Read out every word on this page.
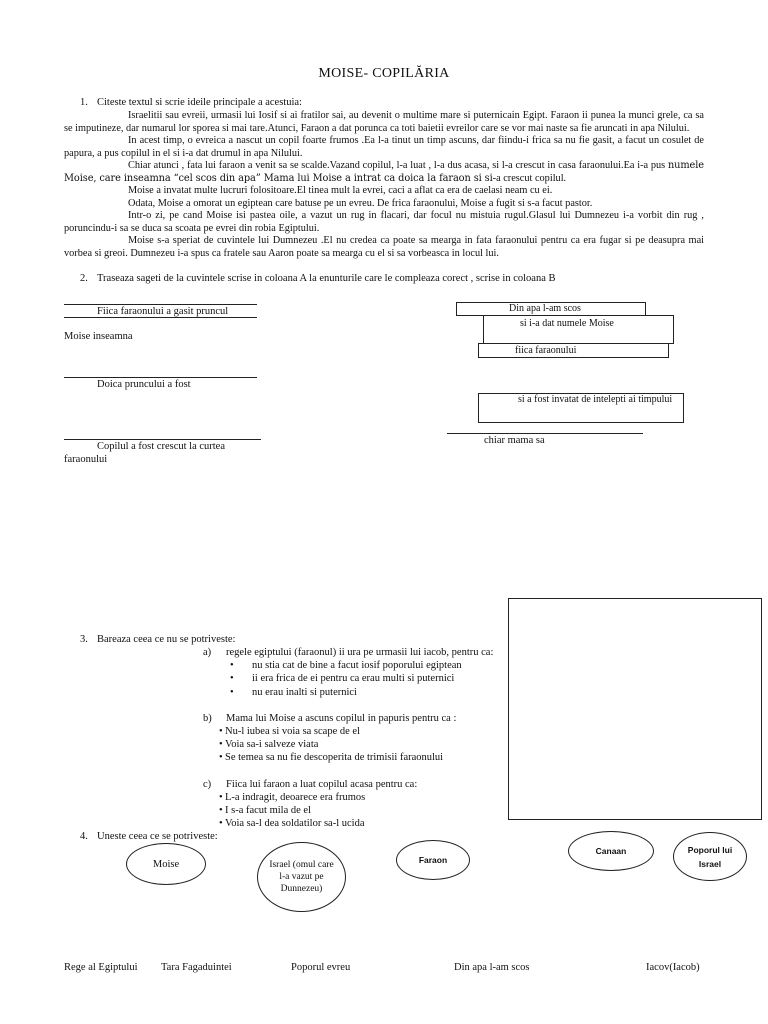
MOISE- COPILĂRIA
1. Citeste textul si scrie ideile principale a acestuia:
Israelitii sau evreii, urmasii lui Iosif si ai fratilor sai, au devenit o multime mare si puternicain Egipt. Faraon ii punea la munci grele, ca sa se imputineze, dar numarul lor sporea si mai tare.Atunci, Faraon a dat porunca ca toti baietii evreilor care se vor mai naste sa fie aruncati in apa Nilului.
In acest timp, o evreica a nascut un copil foarte frumos .Ea l-a tinut un timp ascuns, dar fiindu-i frica sa nu fie gasit, a facut un cosulet de papura, a pus copilul in el si i-a dat drumul in apa Nilului.
Chiar atunci , fata lui faraon a venit sa se scalde.Vazand copilul, l-a luat , l-a dus acasa, si l-a crescut in casa faraonului.Ea i-a pus numele Moise, care inseamna “cel scos din apa” Mama lui Moise a intrat ca doica la faraon si si-a crescut copilul.
Moise a invatat multe lucruri folositoare.El tinea mult la evrei, caci a aflat ca era de caelasi neam cu ei.
Odata, Moise a omorat un egiptean care batuse pe un evreu. De frica faraonului, Moise a fugit si s-a facut pastor.
Intr-o zi, pe cand Moise isi pastea oile, a vazut un rug in flacari, dar focul nu mistuia rugul.Glasul lui Dumnezeu i-a vorbit din rug , poruncindu-i sa se duca sa scoata pe evrei din robia Egiptului.
Moise s-a speriat de cuvintele lui Dumnezeu .El nu credea ca poate sa mearga in fata faraonului pentru ca era fugar si pe deasupra mai vorbea si greoi. Dumnezeu i-a spus ca fratele sau Aaron poate sa mearga cu el si sa vorbeasca in locul lui.
2. Traseaza sageti de la cuvintele scrise in coloana A la enunturile care le compleaza corect , scrise in coloana B
Fiica faraonului a gasit pruncul
Moise inseamna
Doica pruncului a fost
Copilul a fost crescut la curtea faraonului
Din apa l-am scos
si i-a dat numele Moise
fiica faraonului
si a fost invatat de intelepti ai timpului
chiar mama sa
3. Bareaza ceea ce nu se potriveste:
a) regele egiptului (faraonul) ii ura pe urmasii lui iacob, pentru ca:
• nu stia cat de bine a facut iosif poporului egiptean
• ii era frica de ei pentru ca erau multi si puternici
• nu erau inalti si puternici
b) Mama lui Moise a ascuns copilul in papuris pentru ca :
• Nu-l iubea si voia sa scape de el
• Voia sa-i salveze viata
• Se temea sa nu fie descoperita de trimisii faraonului
c) Fiica lui faraon a luat copilul acasa pentru ca:
• L-a indragit, deoarece era frumos
• I s-a facut mila de el
• Voia sa-l dea soldatilor sa-l ucida
4. Uneste ceea ce se potriveste:
Moise	Israel (omul care l-a vazut pe Dunnezeu)
Faraon
Canaan	Poporul lui Israel
Rege al Egiptului Tara Fagaduintei	Poporul evreu	Din apa l-am scos	Iacov(Iacob)
